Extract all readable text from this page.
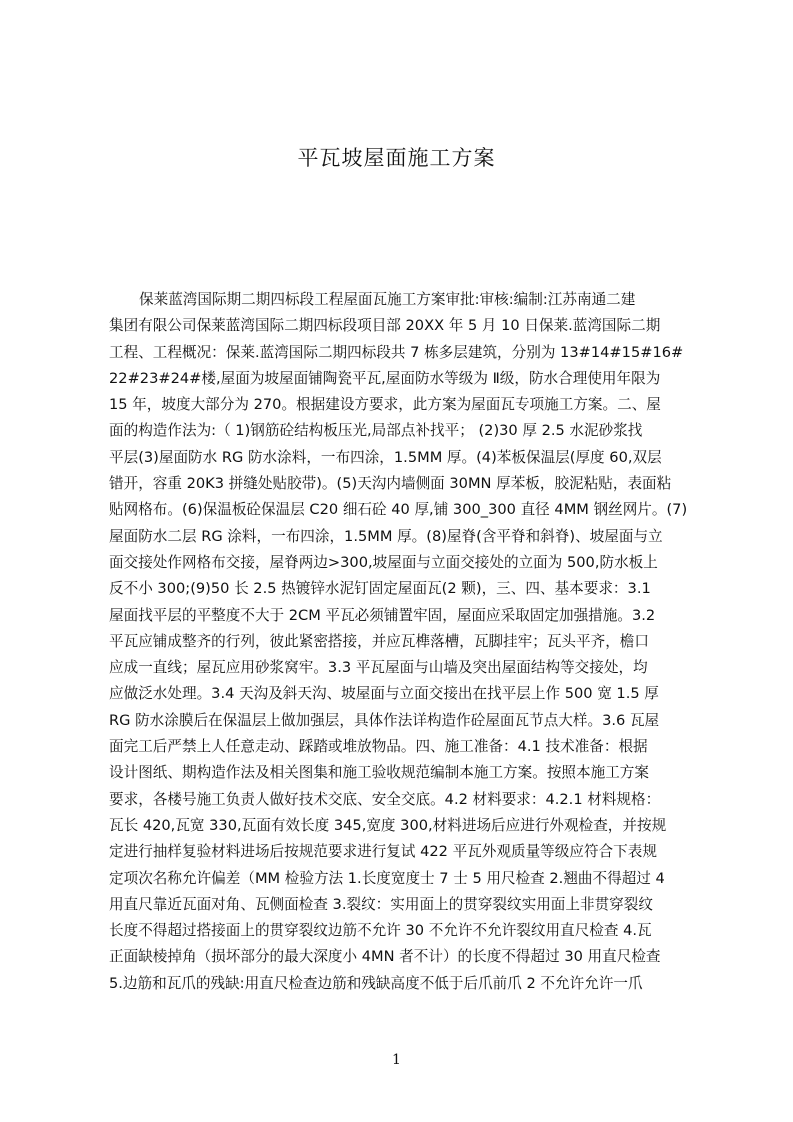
平瓦坡屋面施工方案
保莱蓝湾国际期二期四标段工程屋面瓦施工方案审批:审核:编制:江苏南通二建
集团有限公司保莱蓝湾国际二期四标段项目部 20XX 年 5 月 10 日保莱.蓝湾国际二期
工程、工程概况：保莱.蓝湾国际二期四标段共 7 栋多层建筑，分别为 13#14#15#16#
22#23#24#楼,屋面为坡屋面铺陶瓷平瓦,屋面防水等级为 Ⅱ级，防水合理使用年限为
15 年，坡度大部分为 270。根据建设方要求，此方案为屋面瓦专项施工方案。二、屋
面的构造作法为:（ 1)钢筋砼结构板压光,局部点补找平； (2)30 厚 2.5 水泥砂浆找
平层(3)屋面防水 RG 防水涂料，一布四涂，1.5MM 厚。(4)苯板保温层(厚度 60,双层
错开，容重 20K3 拼缝处贴胶带)。(5)天沟内墙侧面 30MN 厚苯板，胶泥粘贴，表面粘
贴网格布。(6)保温板砼保温层 C20 细石砼 40 厚,铺 300_300 直径 4MM 钢丝网片。(7)
屋面防水二层 RG 涂料，一布四涂，1.5MM 厚。(8)屋脊(含平脊和斜脊)、坡屋面与立
面交接处作网格布交接，屋脊两边>300,坡屋面与立面交接处的立面为 500,防水板上
反不小 300;(9)50 长 2.5 热镀锌水泥钉固定屋面瓦(2 颗)，三、四、基本要求：3.1
屋面找平层的平整度不大于 2CM 平瓦必须铺置牢固，屋面应采取固定加强措施。3.2
平瓦应铺成整齐的行列，彼此紧密搭接，并应瓦榫落槽，瓦脚挂牢；瓦头平齐，檐口
应成一直线；屋瓦应用砂浆窝牢。3.3 平瓦屋面与山墙及突出屋面结构等交接处，均
应做泛水处理。3.4 天沟及斜天沟、坡屋面与立面交接出在找平层上作 500 宽 1.5 厚
RG 防水涂膜后在保温层上做加强层，具体作法详构造作砼屋面瓦节点大样。3.6 瓦屋
面完工后严禁上人任意走动、踩踏或堆放物品。四、施工准备：4.1 技术准备：根据
设计图纸、期构造作法及相关图集和施工验收规范编制本施工方案。按照本施工方案
要求，各楼号施工负责人做好技术交底、安全交底。4.2 材料要求：4.2.1 材料规格：
瓦长 420,瓦宽 330,瓦面有效长度 345,宽度 300,材料进场后应进行外观检查，并按规
定进行抽样复验材料进场后按规范要求进行复试 422 平瓦外观质量等级应符合下表规
定项次名称允许偏差（MM 检验方法 1.长度宽度士 7 士 5 用尺检查 2.翘曲不得超过 4
用直尺靠近瓦面对角、瓦侧面检查 3.裂纹：实用面上的贯穿裂纹实用面上非贯穿裂纹
长度不得超过搭接面上的贯穿裂纹边筋不允许 30 不允许不允许裂纹用直尺检查 4.瓦
正面缺棱掉角（损坏部分的最大深度小 4MN 者不计）的长度不得超过 30 用直尺检查
5.边筋和瓦爪的残缺:用直尺检查边筋和残缺高度不低于后爪前爪 2 不允许允许一爪
1
